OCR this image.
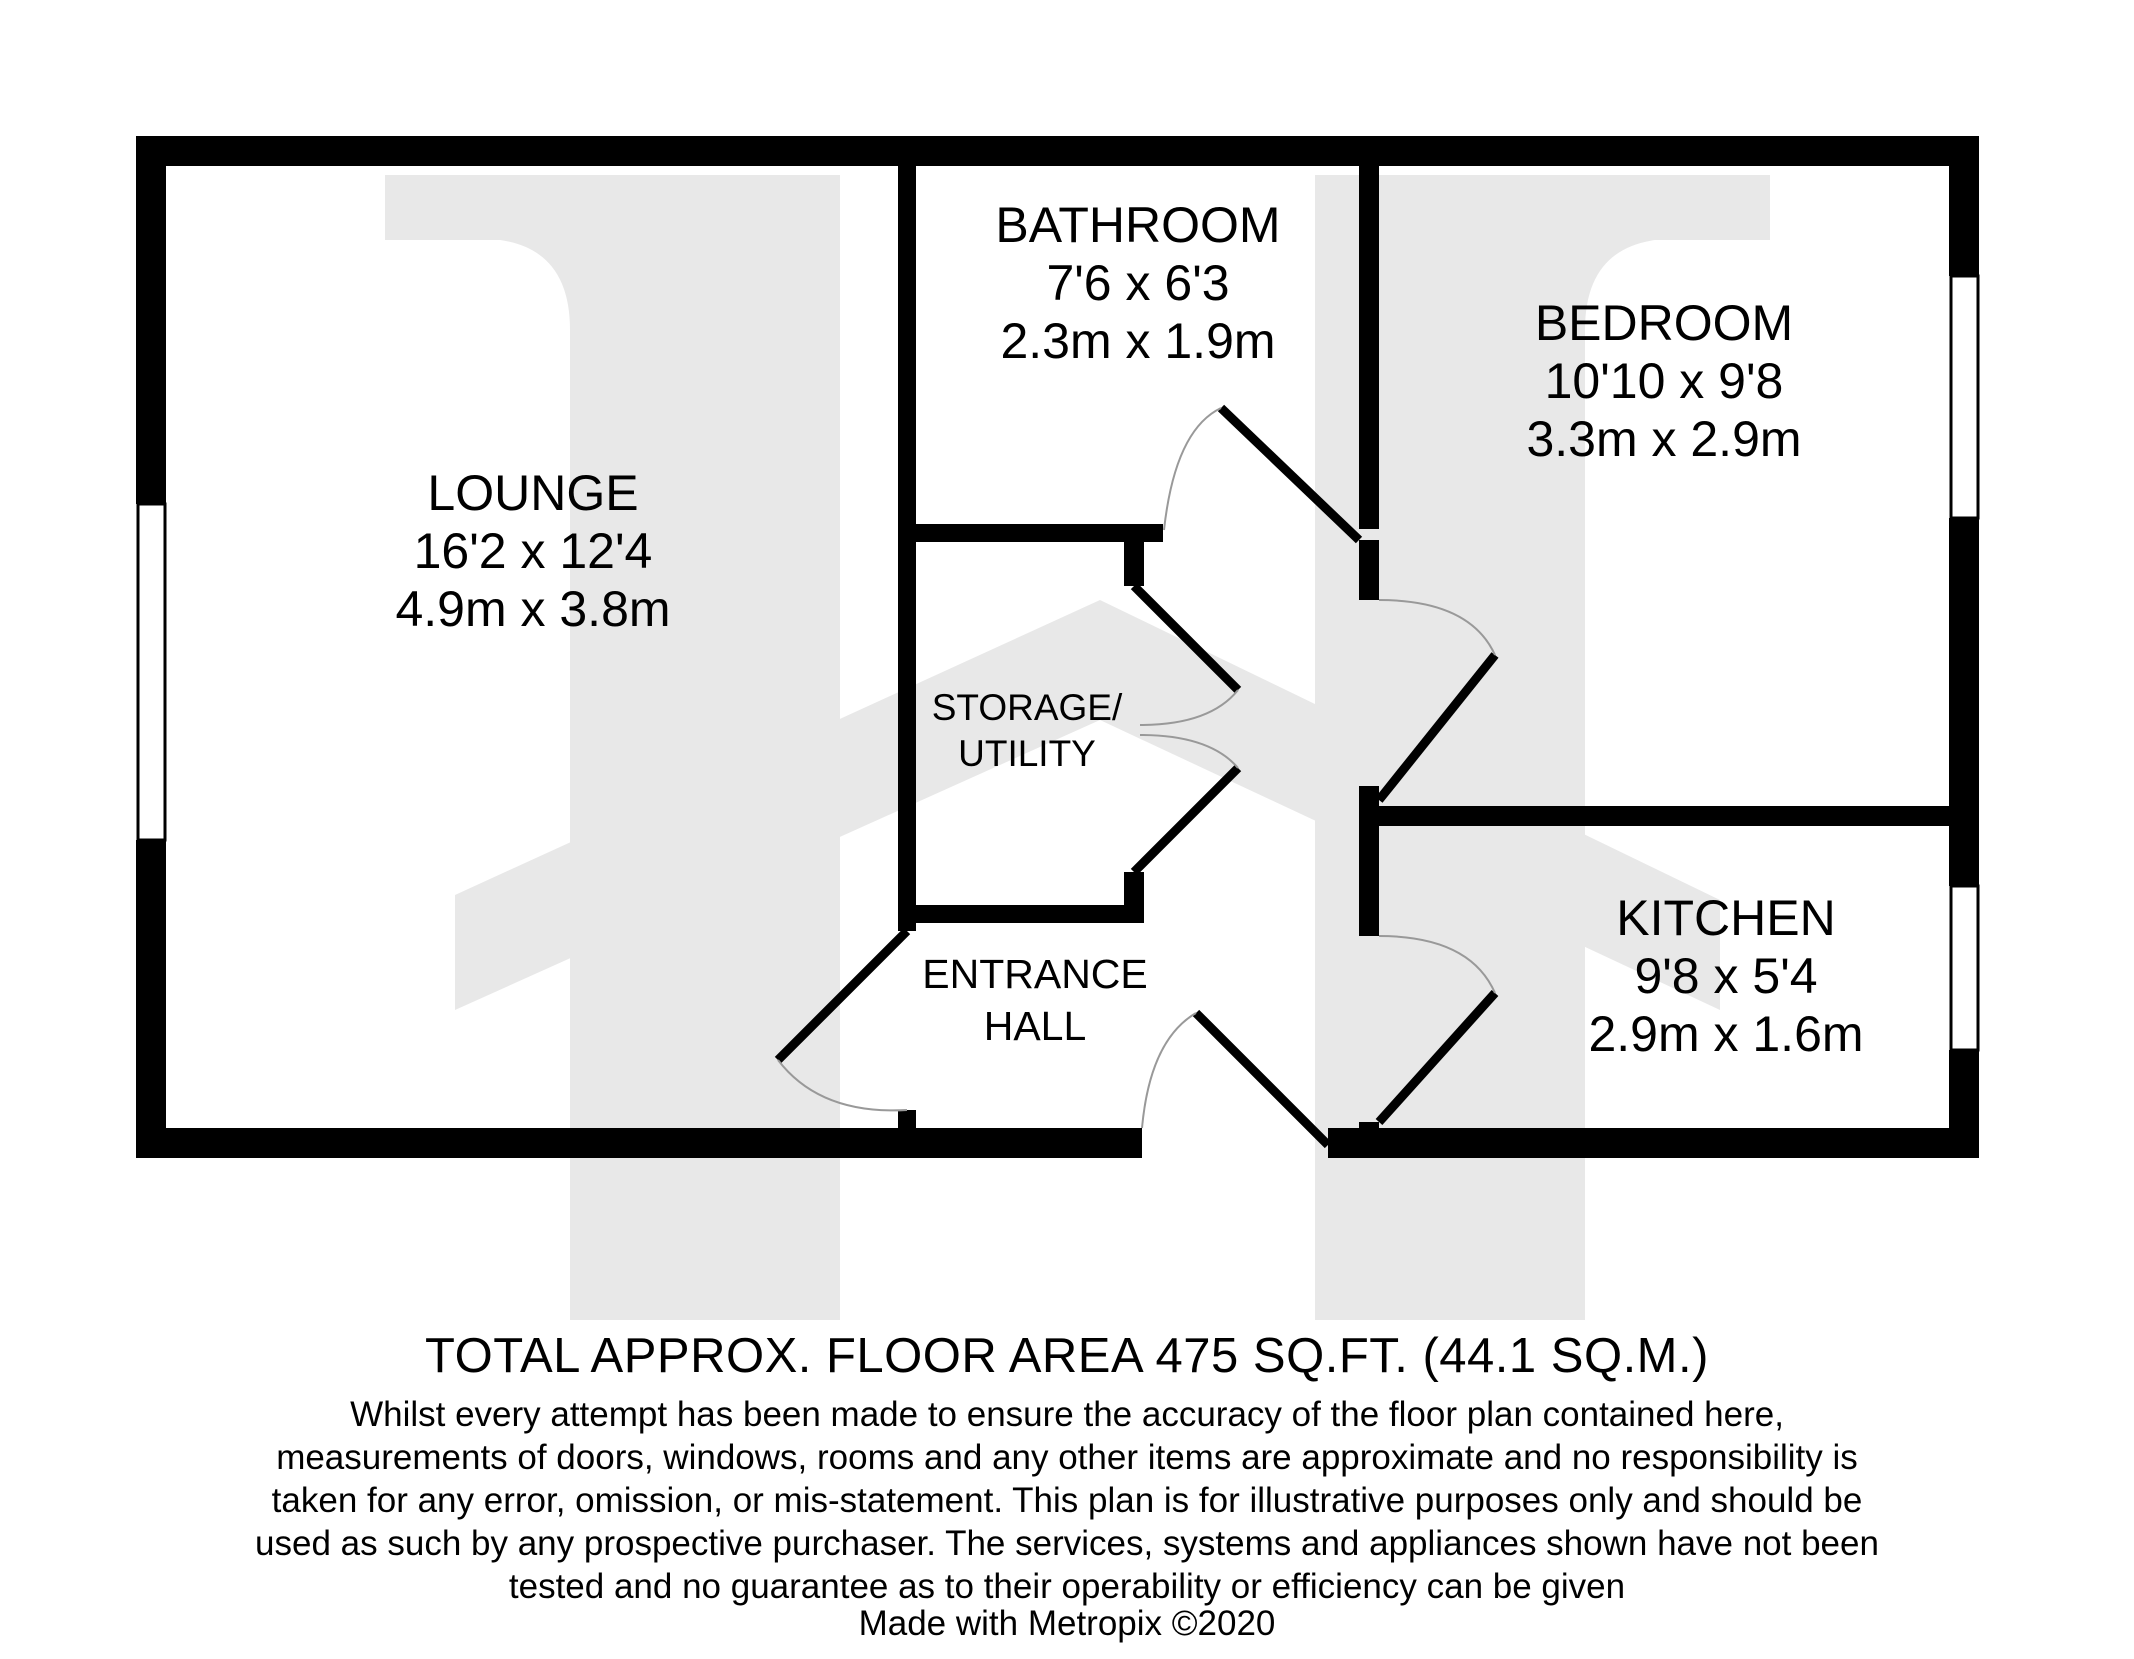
LOUNGE
16'2 x 12'4
4.9m x 3.8m
BATHROOM
7'6 x 6'3
2.3m x 1.9m	BEDROOM
10'10 x 9'8
3.3m x 2.9m
STORAGE/
UTILITY
ENTRANCE
HALL
KITCHEN
9'8 x 5'4
2.9m x 1.6m
TOTAL APPROX. FLOOR AREA 475 SQ.FT. (44.1 SQ.M.)
Whilst every attempt has been made to ensure the accuracy of the floor plan contained here, measurements of doors, windows, rooms and any other items are approximate and no responsibility is taken for any error, omission, or mis-statement. This plan is for illustrative purposes only and should be used as such by any prospective purchaser. The services, systems and appliances shown have not been tested and no guarantee as to their operability or efficiency can be given
Made with Metropix ©2020
